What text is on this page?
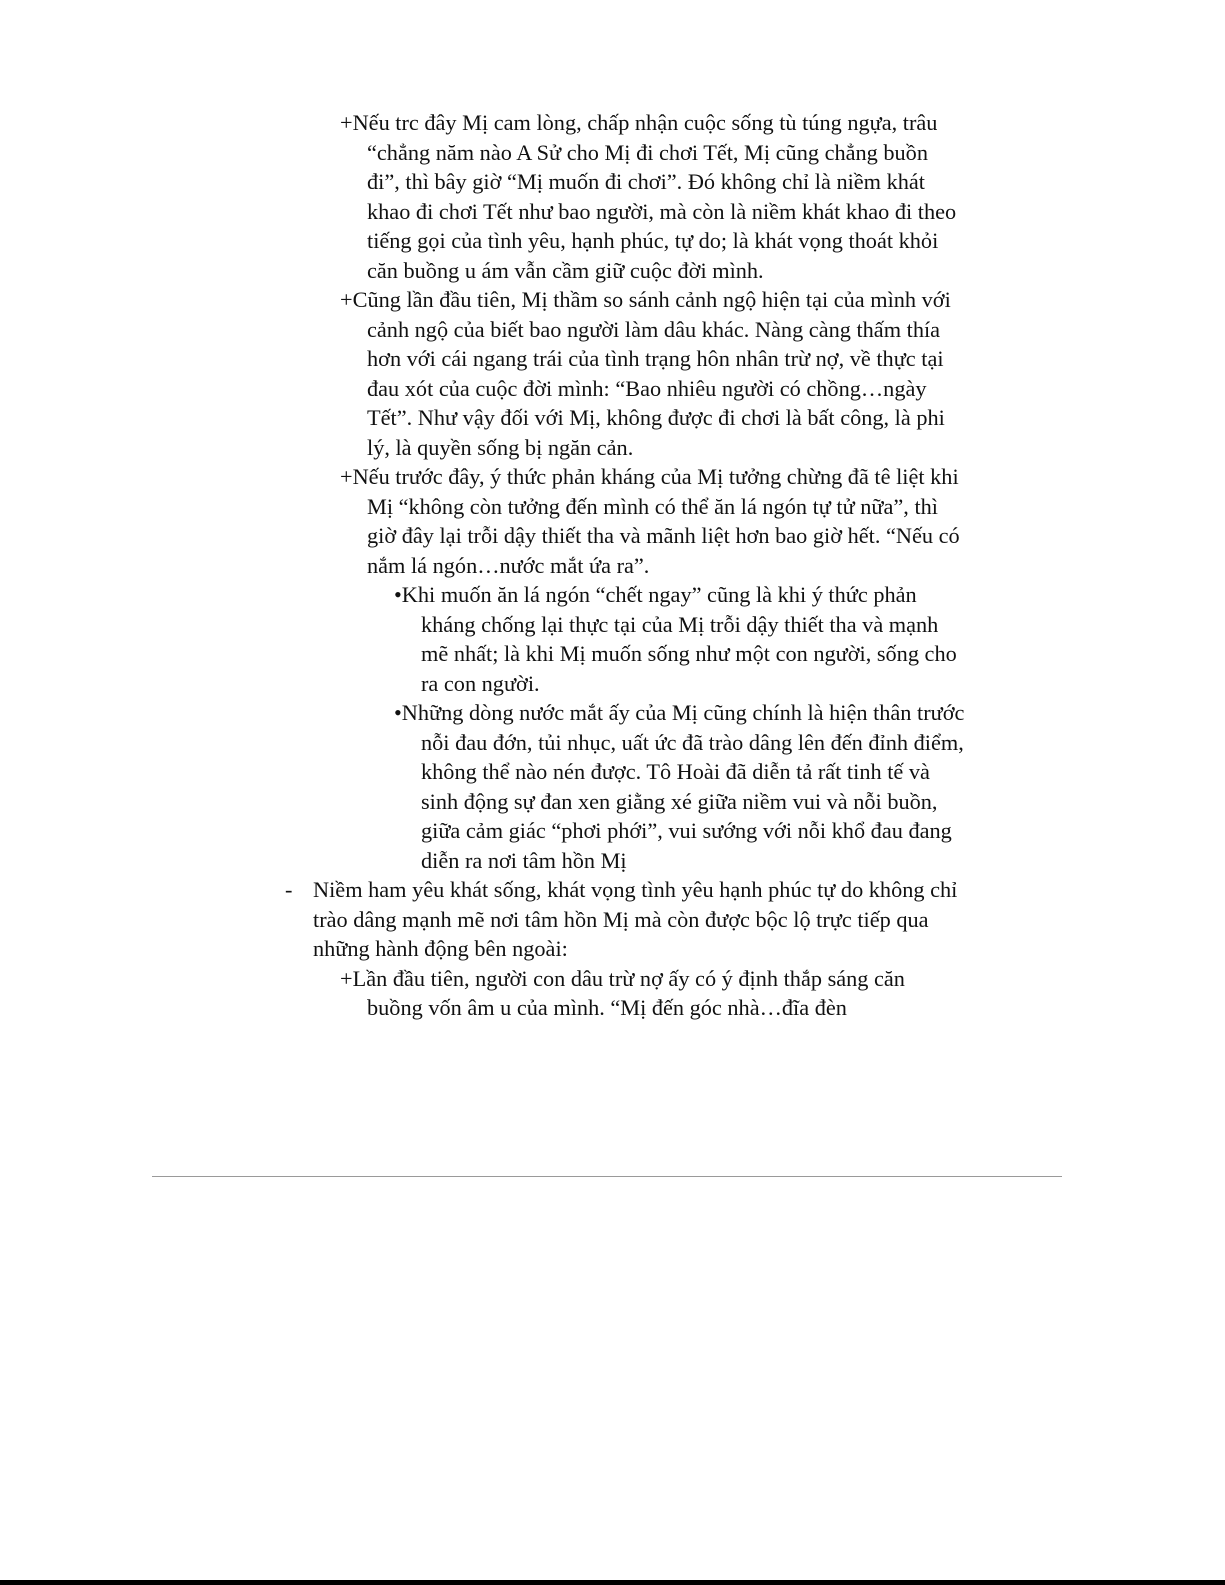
+Nếu trc đây Mị cam lòng, chấp nhận cuộc sống tù túng ngựa, trâu “chẳng năm nào A Sử cho Mị đi chơi Tết, Mị cũng chẳng buồn đi”, thì bây giờ “Mị muốn đi chơi”. Đó không chỉ là niềm khát khao đi chơi Tết như bao người, mà còn là niềm khát khao đi theo tiếng gọi của tình yêu, hạnh phúc, tự do; là khát vọng thoát khỏi căn buồng u ám vẫn cầm giữ cuộc đời mình.

+Cũng lần đầu tiên, Mị thầm so sánh cảnh ngộ hiện tại của mình với cảnh ngộ của biết bao người làm dâu khác. Nàng càng thấm thía hơn với cái ngang trái của tình trạng hôn nhân trừ nợ, về thực tại đau xót của cuộc đời mình: “Bao nhiêu người có chồng…ngày Tết”. Như vậy đối với Mị, không được đi chơi là bất công, là phi lý, là quyền sống bị ngăn cản.

+Nếu trước đây, ý thức phản kháng của Mị tưởng chừng đã tê liệt khi Mị “không còn tưởng đến mình có thể ăn lá ngón tự tử nữa”, thì giờ đây lại trỗi dậy thiết tha và mãnh liệt hơn bao giờ hết. “Nếu có nắm lá ngón…nước mắt ứa ra”.

•Khi muốn ăn lá ngón “chết ngay” cũng là khi ý thức phản kháng chống lại thực tại của Mị trỗi dậy thiết tha và mạnh mẽ nhất; là khi Mị muốn sống như một con người, sống cho ra con người.

•Những dòng nước mắt ấy của Mị cũng chính là hiện thân trước nỗi đau đớn, tủi nhục, uất ức đã trào dâng lên đến đỉnh điểm, không thể nào nén được. Tô Hoài đã diễn tả rất tinh tế và sinh động sự đan xen giằng xé giữa niềm vui và nỗi buồn, giữa cảm giác “phơi phới”, vui sướng với nỗi khổ đau đang diễn ra nơi tâm hồn Mị

- Niềm ham yêu khát sống, khát vọng tình yêu hạnh phúc tự do không chỉ trào dâng mạnh mẽ nơi tâm hồn Mị mà còn được bộc lộ trực tiếp qua những hành động bên ngoài:

+Lần đầu tiên, người con dâu trừ nợ ấy có ý định thắp sáng căn buồng vốn âm u của mình. “Mị đến góc nhà…đĩa đèn
